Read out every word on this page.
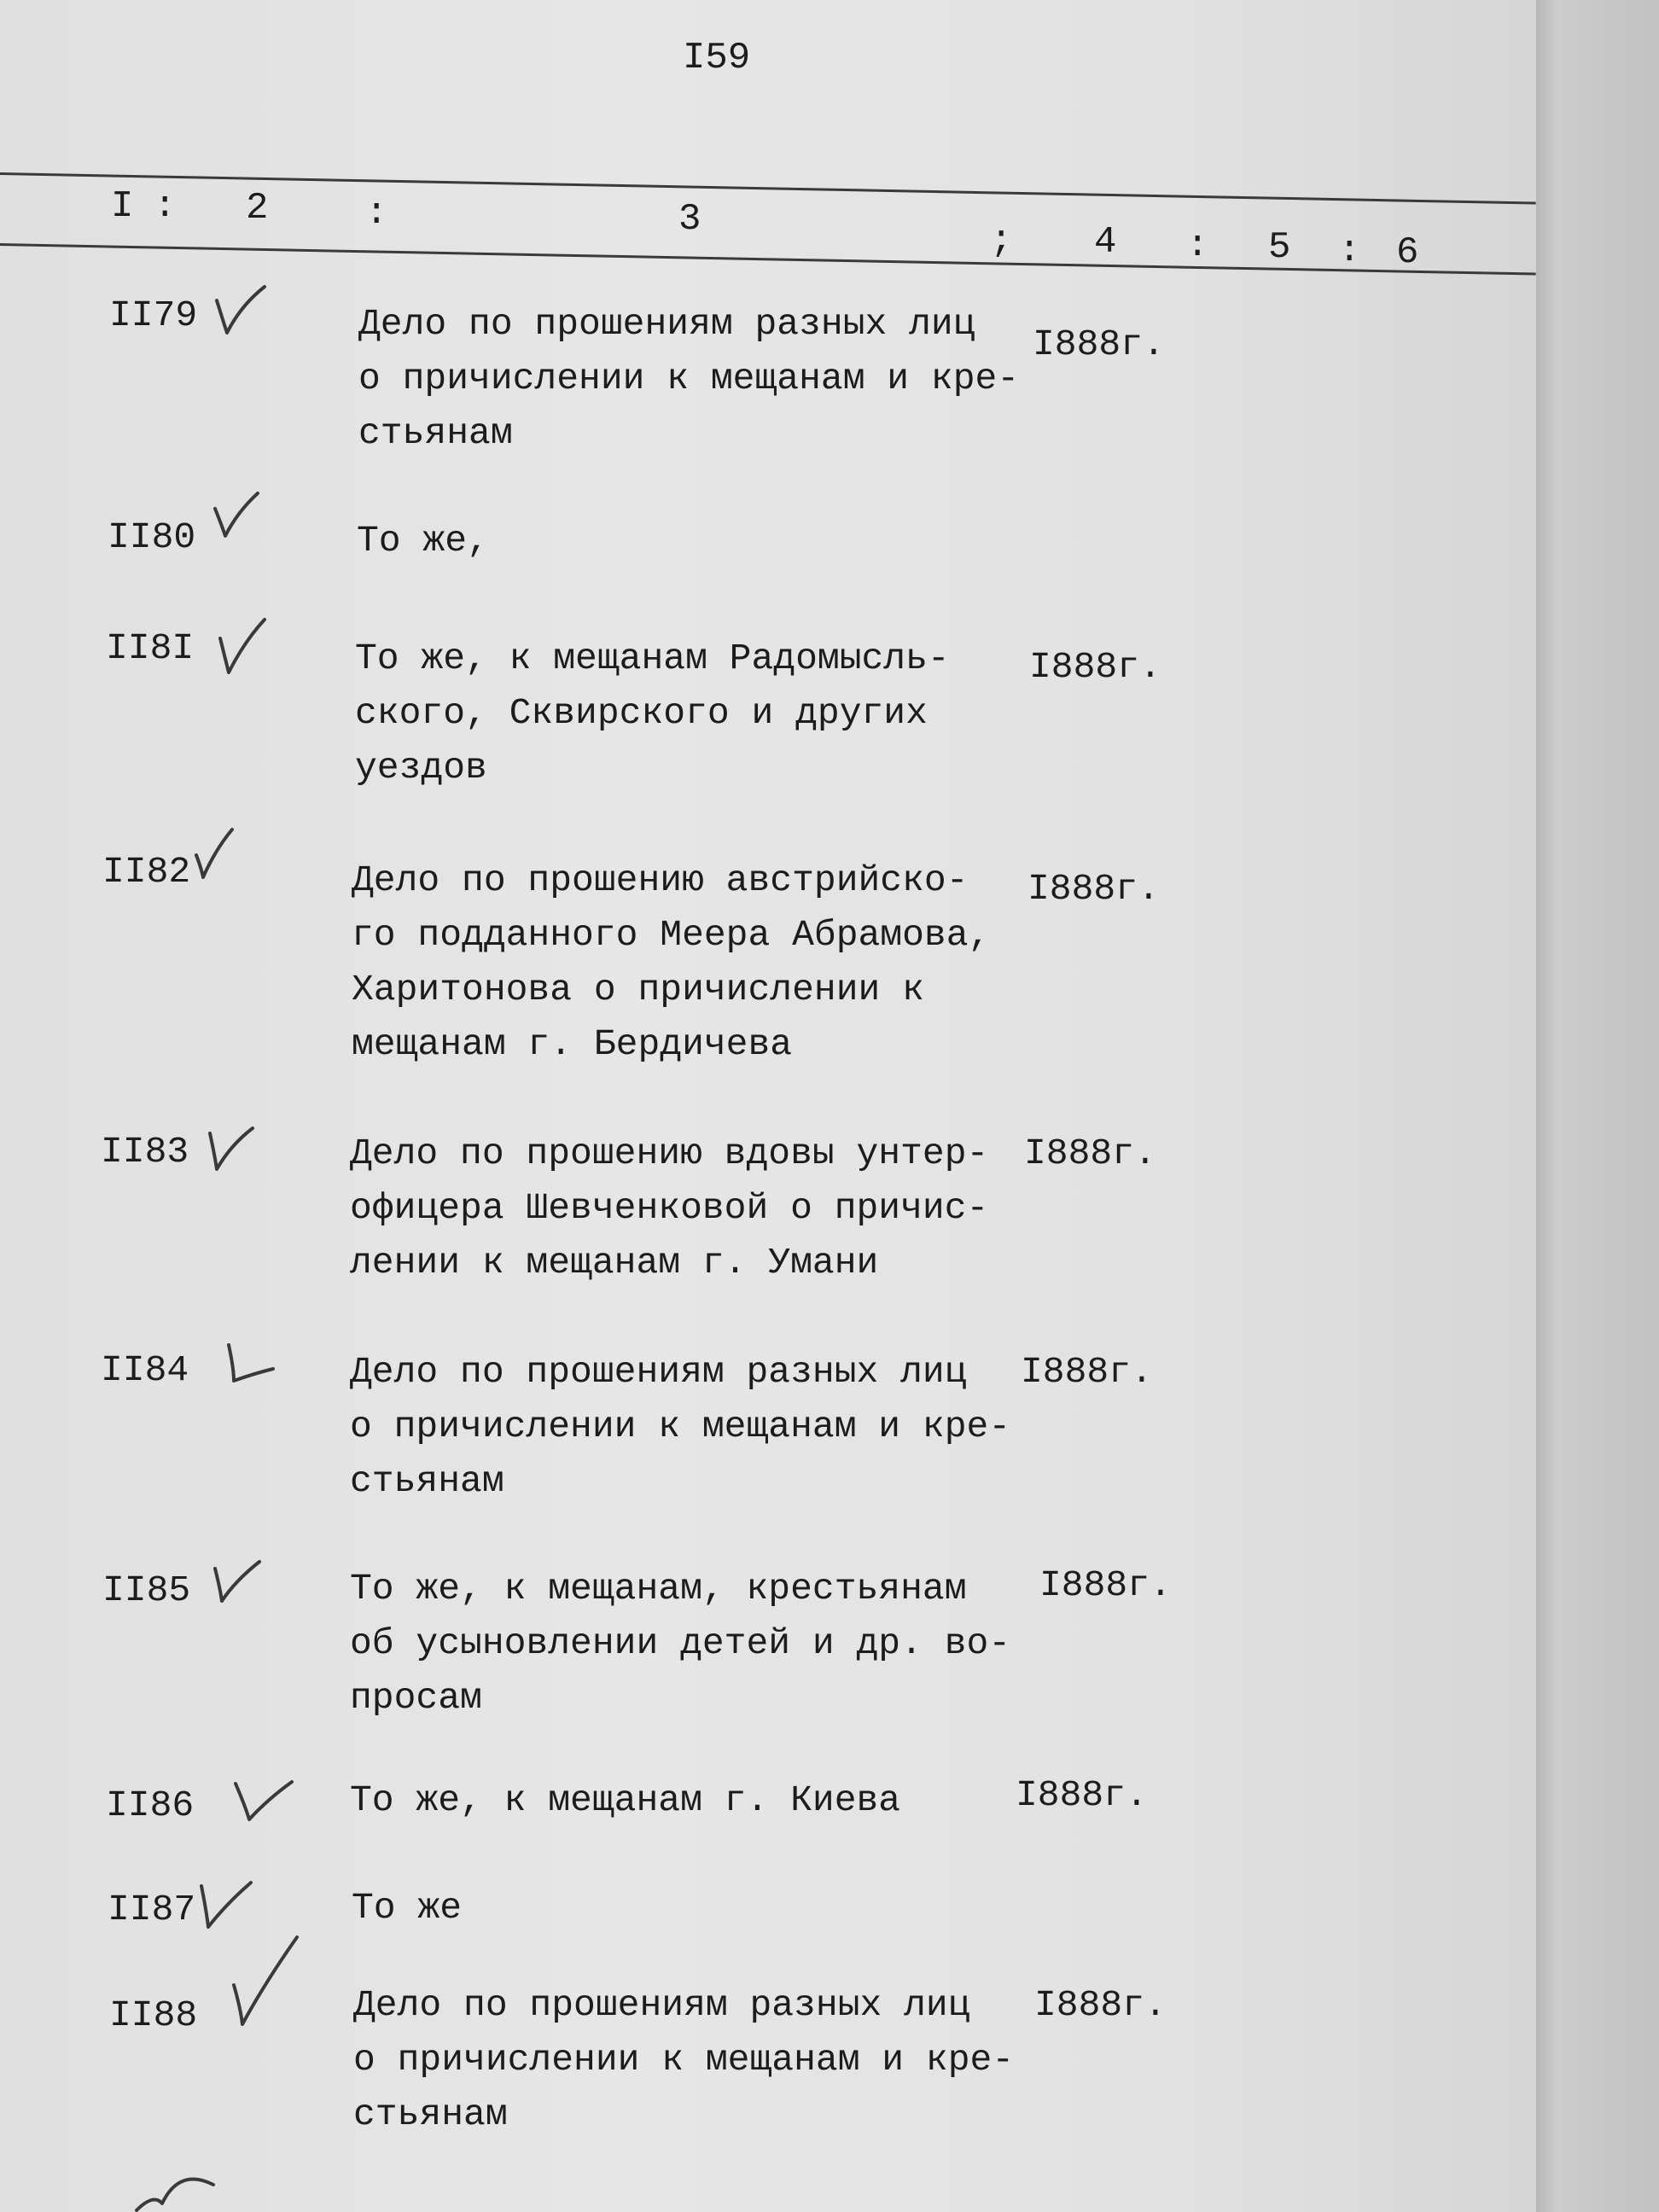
I59
I : 2	:	3	; 4 : 5 : 6
II79	Дело по прошениям разных лиц
о причислении к мещанам и кре-
стьянам
I888г.
II80	То же,
II8I	То же, к мещанам Радомысль-
ского, Сквирского и других
уездов
I888г.
II82	Дело по прошению австрийско-
го подданного Меера Абрамова,
Харитонова о причислении к
мещанам г. Бердичева
I888г.
II83	Дело по прошению вдовы унтер-
офицера Шевченковой о причис-
лении к мещанам г. Умани
I888г.
II84	Дело по прошениям разных лиц
о причислении к мещанам и кре-
стьянам
I888г.
II85	То же, к мещанам, крестьянам
об усыновлении детей и др. во-
просам
I888г.
II86	То же, к мещанам г. Киева	I888г.
II87	То же
II88	Дело по прошениям разных лиц
о причислении к мещанам и кре-
стьянам
I888г.
